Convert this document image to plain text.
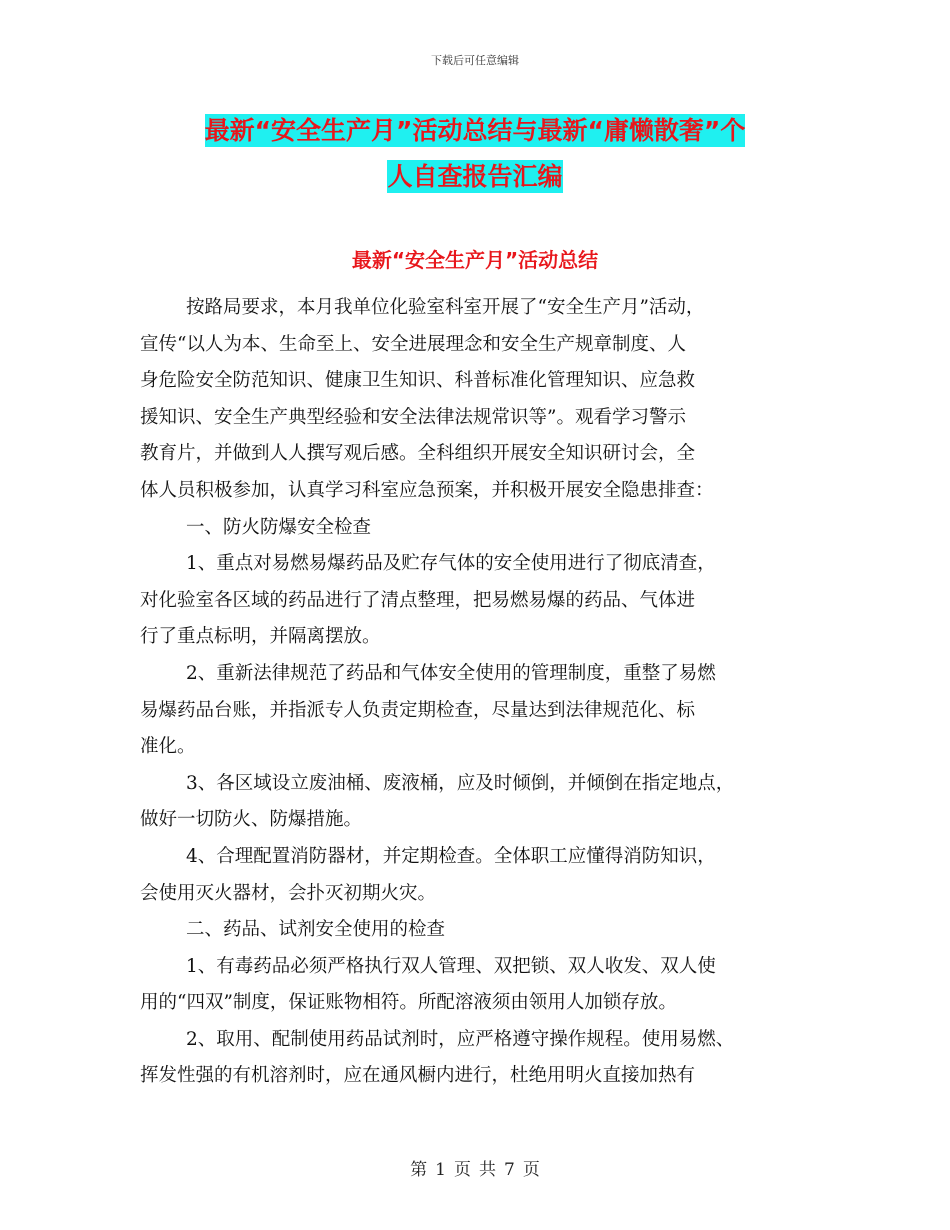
下载后可任意编辑
最新“安全生产月”活动总结与最新“庸懒散奢”个
人自查报告汇编
最新“安全生产月”活动总结
按路局要求，本月我单位化验室科室开展了“安全生产月”活动，
宣传“以人为本、生命至上、安全进展理念和安全生产规章制度、人
身危险安全防范知识、健康卫生知识、科普标准化管理知识、应急救
援知识、安全生产典型经验和安全法律法规常识等”。观看学习警示
教育片，并做到人人撰写观后感。全科组织开展安全知识研讨会，全
体人员积极参加，认真学习科室应急预案，并积极开展安全隐患排查：
一、防火防爆安全检查
1、重点对易燃易爆药品及贮存气体的安全使用进行了彻底清查，
对化验室各区域的药品进行了清点整理，把易燃易爆的药品、气体进
行了重点标明，并隔离摆放。
2、重新法律规范了药品和气体安全使用的管理制度，重整了易燃
易爆药品台账，并指派专人负责定期检查，尽量达到法律规范化、标
准化。
3、各区域设立废油桶、废液桶，应及时倾倒，并倾倒在指定地点，
做好一切防火、防爆措施。
4、合理配置消防器材，并定期检查。全体职工应懂得消防知识，
会使用灭火器材，会扑灭初期火灾。
二、药品、试剂安全使用的检查
1、有毒药品必须严格执行双人管理、双把锁、双人收发、双人使
用的“四双”制度，保证账物相符。所配溶液须由领用人加锁存放。
2、取用、配制使用药品试剂时，应严格遵守操作规程。使用易燃、
挥发性强的有机溶剂时，应在通风橱内进行，杜绝用明火直接加热有
第 1 页 共 7 页
